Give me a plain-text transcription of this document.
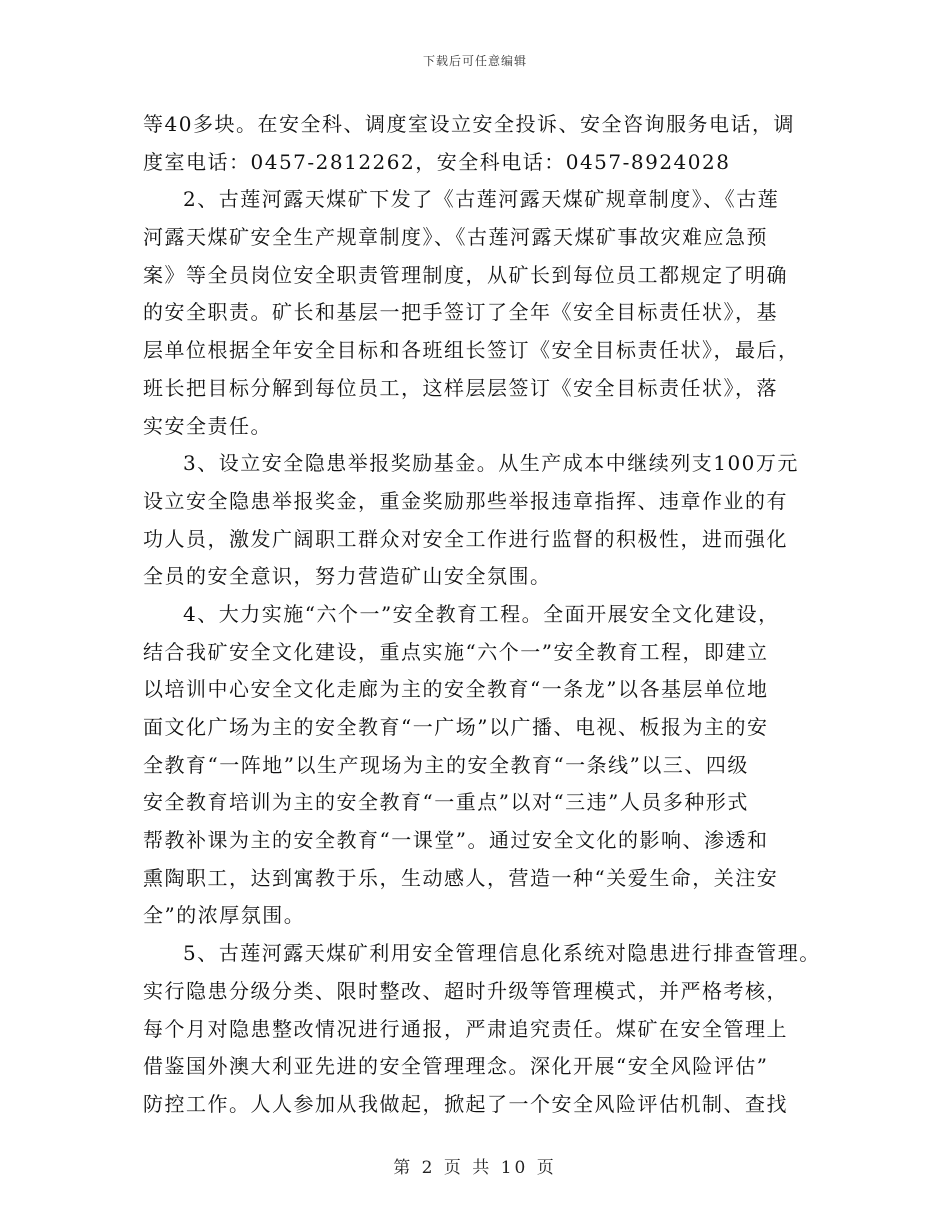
下载后可任意编辑
等40多块。在安全科、调度室设立安全投诉、安全咨询服务电话，调
度室电话：0457-2812262，安全科电话：0457-8924028
2、古莲河露天煤矿下发了《古莲河露天煤矿规章制度》、《古莲
河露天煤矿安全生产规章制度》、《古莲河露天煤矿事故灾难应急预
案》等全员岗位安全职责管理制度，从矿长到每位员工都规定了明确
的安全职责。矿长和基层一把手签订了全年《安全目标责任状》，基
层单位根据全年安全目标和各班组长签订《安全目标责任状》，最后，
班长把目标分解到每位员工，这样层层签订《安全目标责任状》，落
实安全责任。
3、设立安全隐患举报奖励基金。从生产成本中继续列支100万元
设立安全隐患举报奖金，重金奖励那些举报违章指挥、违章作业的有
功人员，激发广阔职工群众对安全工作进行监督的积极性，进而强化
全员的安全意识，努力营造矿山安全氛围。
4、大力实施“六个一”安全教育工程。全面开展安全文化建设，
结合我矿安全文化建设，重点实施“六个一”安全教育工程，即建立
以培训中心安全文化走廊为主的安全教育“一条龙”以各基层单位地
面文化广场为主的安全教育“一广场”以广播、电视、板报为主的安
全教育“一阵地”以生产现场为主的安全教育“一条线”以三、四级
安全教育培训为主的安全教育“一重点”以对“三违”人员多种形式
帮教补课为主的安全教育“一课堂”。通过安全文化的影响、渗透和
熏陶职工，达到寓教于乐，生动感人，营造一种“关爱生命，关注安
全”的浓厚氛围。
5、古莲河露天煤矿利用安全管理信息化系统对隐患进行排查管理。
实行隐患分级分类、限时整改、超时升级等管理模式，并严格考核，
每个月对隐患整改情况进行通报，严肃追究责任。煤矿在安全管理上
借鉴国外澳大利亚先进的安全管理理念。深化开展“安全风险评估”
防控工作。人人参加从我做起，掀起了一个安全风险评估机制、查找
第 2 页 共 10 页
